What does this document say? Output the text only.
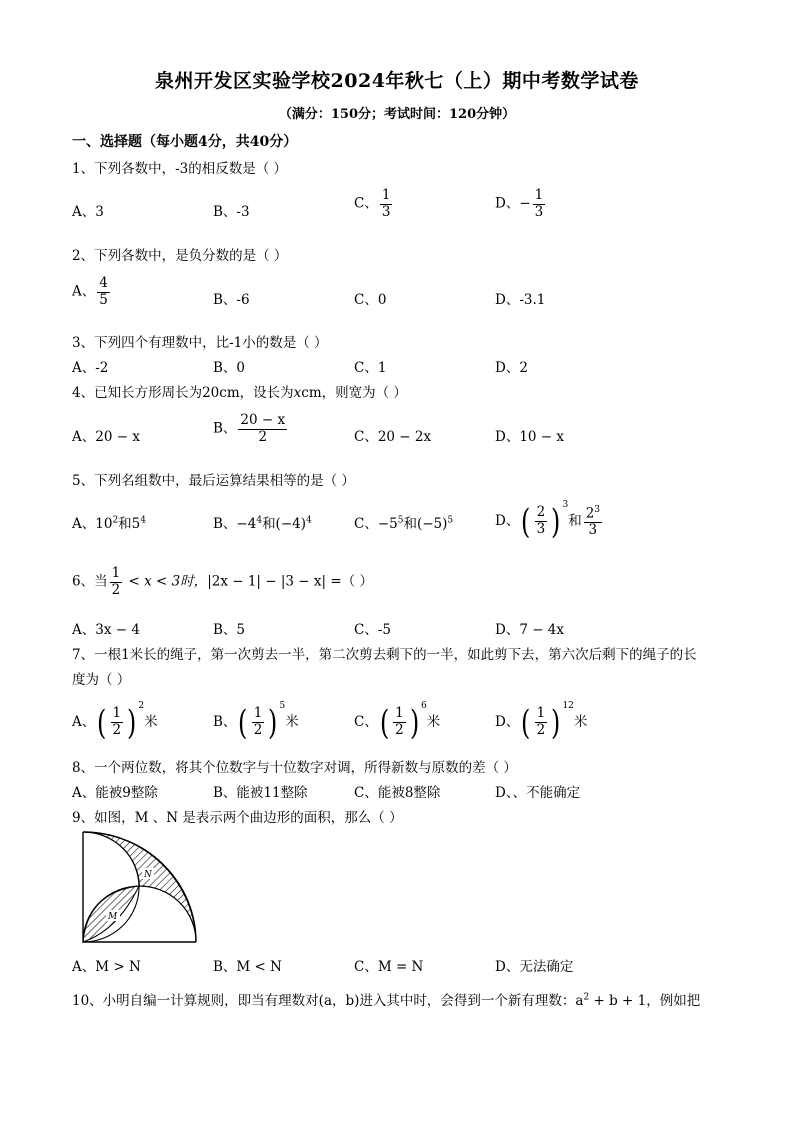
泉州开发区实验学校2024年秋七（上）期中考数学试卷
（满分：150分；考试时间：120分钟）
一、选择题（每小题4分，共40分）
1、下列各数中，-3的相反数是（ ）
A、3	B、-3
C、 $\frac{1}{3}$	D、− $\frac{1}{3}$
2、下列各数中，是负分数的是（ ）
A、 $\frac{4}{5}$	B、-6	C、0	D、-3.1
3、下列四个有理数中，比-1小的数是（ ）
A、-2	B、0	C、1	D、2
4、已知长方形周长为20cm，设长为xcm，则宽为（ ）
A、20 − x
B、 $\frac{20 - x}{2}$	C、20 − 2x	D、10 − x
5、下列名组数中，最后运算结果相等的是（ ）
A、$10^2$和$5^4$	B、$-4^4$和$(-4)^4$	C、$-5^5$和$(-5)^5$	D、 ( $\frac{2}{3}$ ) $^3$和 $\frac{2^3}{3}$
6、当 $\frac{1}{2} < x < 3$时，|2x − 1| − |3 − x| =（ ）
A、3x − 4	B、5	C、-5	D、7 − 4x
7、一根1米长的绳子，第一次剪去一半，第二次剪去剩下的一半，如此剪下去，第六次后剩下的绳子的长
度为（ ）
A、 ( $\frac{1}{2}$ ) $^2$米	B、 ( $\frac{1}{2}$ ) $^5$米	C、 ( $\frac{1}{2}$ ) $^6$米	D、 ( $\frac{1}{2}$ ) $^{12}$米
8、一个两位数，将其个位数字与十位数字对调，所得新数与原数的差（ ）
A、能被9整除	B、能被11整除	C、能被8整除	D、、不能确定
9、如图，M 、N 是表示两个曲边形的面积，那么（ ）
M
N
A、M > N	B、M < N	C、M = N	D、无法确定
10、小明自编一计算规则，即当有理数对(a，b)进入其中时，会得到一个新有理数：$a^2 + b + 1$，例如把
